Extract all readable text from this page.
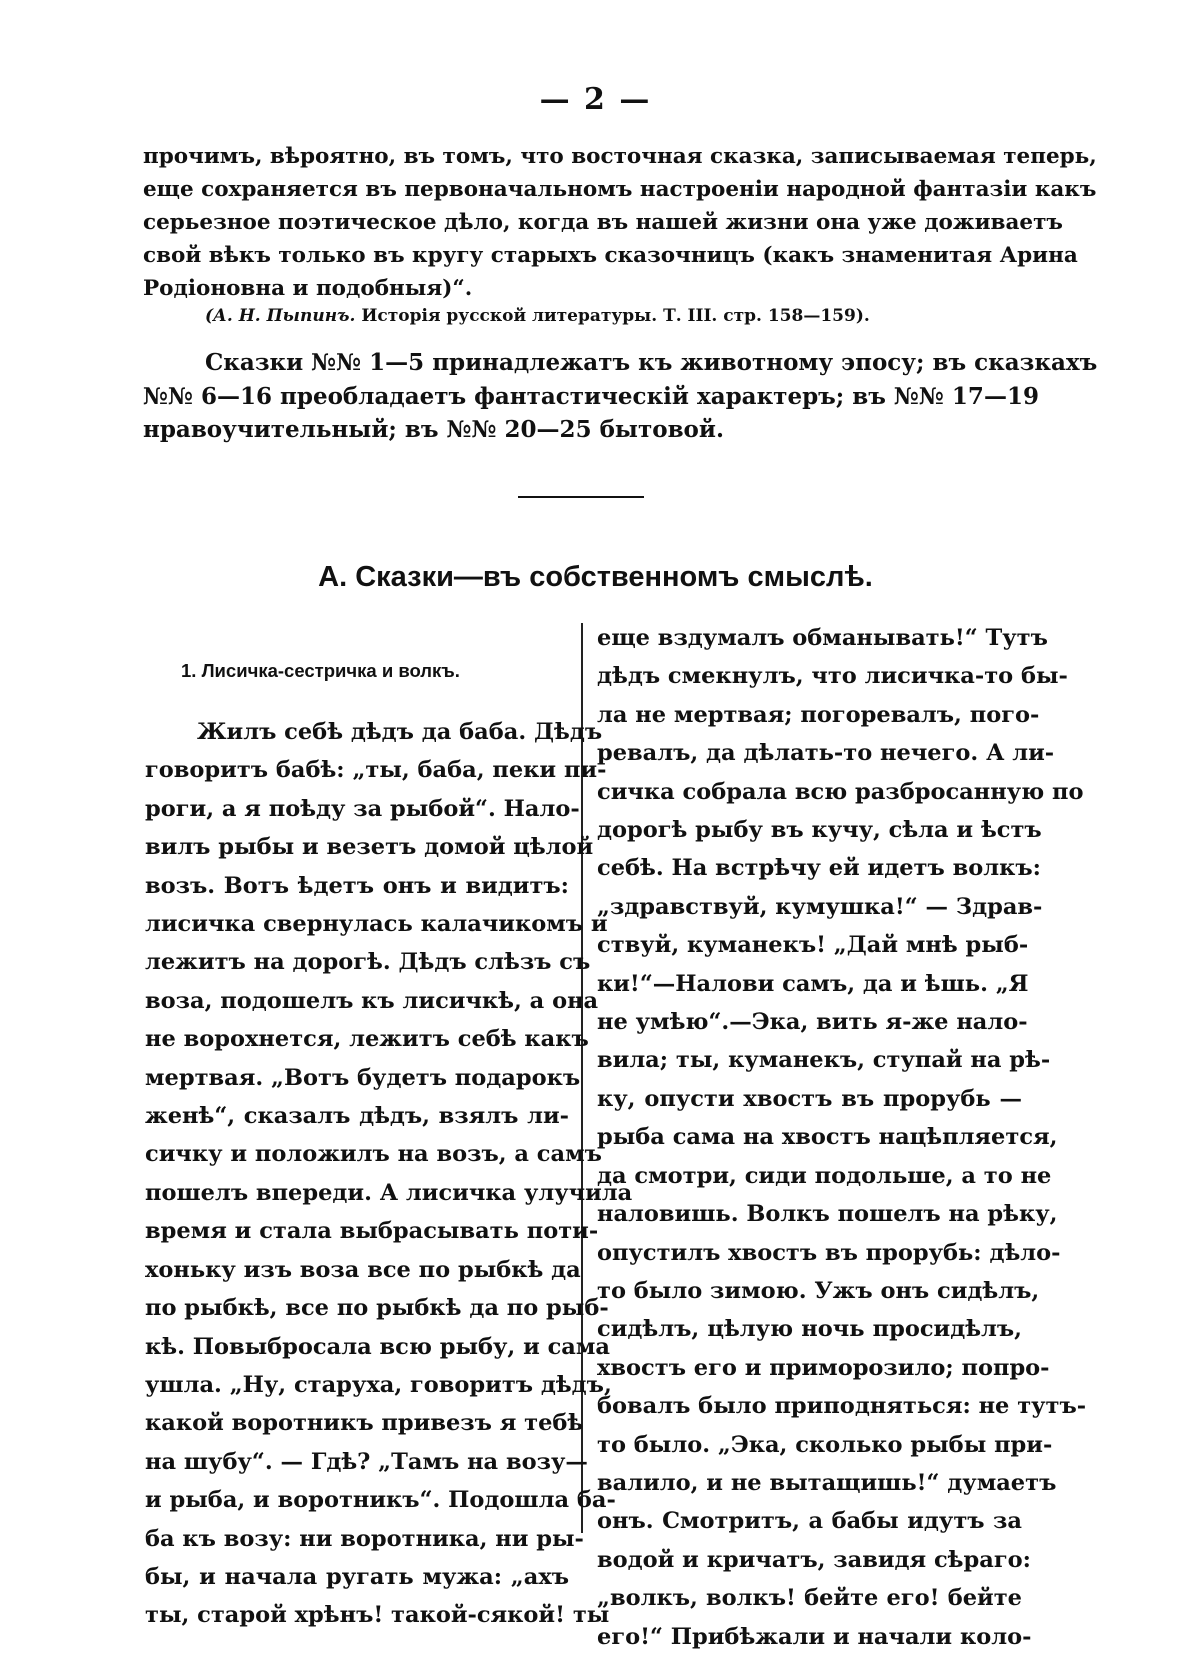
— 2 —
прочимъ, вѣроятно, въ томъ, что восточная сказка, записываемая теперь,
еще сохраняется въ первоначальномъ настроеніи народной фантазіи какъ
серьезное поэтическое дѣло, когда въ нашей жизни она уже доживаетъ
свой вѣкъ только въ кругу старыхъ сказочницъ (какъ знаменитая Арина
Родіоновна и подобныя)“.
(А. Н. Пыпинъ. Исторія русской литературы. Т. III. стр. 158—159).
Сказки №№ 1—5 принадлежатъ къ животному эпосу; въ сказкахъ
№№ 6—16 преобладаетъ фантастическій характеръ; въ №№ 17—19
нравоучительный; въ №№ 20—25 бытовой.
А. Сказки—въ собственномъ смыслѣ.
1. Лисичка-сестричка и волкъ.
Жилъ себѣ дѣдъ да баба. Дѣдъ
говоритъ бабѣ: „ты, баба, пеки пи-
роги, а я поѣду за рыбой“. Нало-
вилъ рыбы и везетъ домой цѣлой
возъ. Вотъ ѣдетъ онъ и видитъ:
лисичка свернулась калачикомъ и
лежитъ на дорогѣ. Дѣдъ слѣзъ съ
воза, подошелъ къ лисичкѣ, а она
не ворохнется, лежитъ себѣ какъ
мертвая. „Вотъ будетъ подарокъ
женѣ“, сказалъ дѣдъ, взялъ ли-
сичку и положилъ на возъ, а самъ
пошелъ впереди. А лисичка улучила
время и стала выбрасывать поти-
хоньку изъ воза все по рыбкѣ да
по рыбкѣ, все по рыбкѣ да по рыб-
кѣ. Повыбросала всю рыбу, и сама
ушла. „Ну, старуха, говоритъ дѣдъ,
какой воротникъ привезъ я тебѣ
на шубу“. — Гдѣ? „Тамъ на возу—
и рыба, и воротникъ“. Подошла ба-
ба къ возу: ни воротника, ни ры-
бы, и начала ругать мужа: „ахъ
ты, старой хрѣнъ! такой-сякой! ты
еще вздумалъ обманывать!“ Тутъ
дѣдъ смекнулъ, что лисичка-то бы-
ла не мертвая; погоревалъ, пого-
ревалъ, да дѣлать-то нечего. А ли-
сичка собрала всю разбросанную по
дорогѣ рыбу въ кучу, сѣла и ѣстъ
себѣ. На встрѣчу ей идетъ волкъ:
„здравствуй, кумушка!“ — Здрав-
ствуй, куманекъ! „Дай мнѣ рыб-
ки!“—Налови самъ, да и ѣшь. „Я
не умѣю“.—Эка, вить я-же нало-
вила; ты, куманекъ, ступай на рѣ-
ку, опусти хвостъ въ прорубь —
рыба сама на хвостъ нацѣпляется,
да смотри, сиди подольше, а то не
наловишь. Волкъ пошелъ на рѣку,
опустилъ хвостъ въ прорубь: дѣло-
то было зимою. Ужъ онъ сидѣлъ,
сидѣлъ, цѣлую ночь просидѣлъ,
хвостъ его и приморозило; попро-
бовалъ было приподняться: не тутъ-
то было. „Эка, сколько рыбы при-
валило, и не вытащишь!“ думаетъ
онъ. Смотритъ, а бабы идутъ за
водой и кричатъ, завидя сѣраго:
„волкъ, волкъ! бейте его! бейте
его!“ Прибѣжали и начали коло-
